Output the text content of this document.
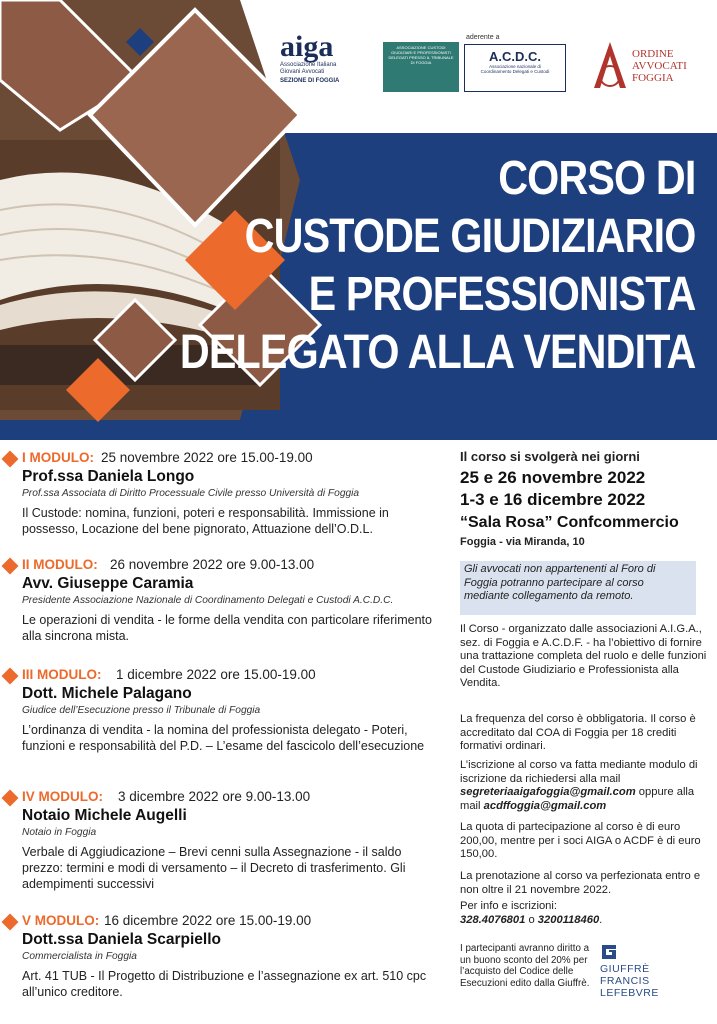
CORSO DI
CUSTODE GIUDIZIARIO
E PROFESSIONISTA
DELEGATO ALLA VENDITA
aiga
Associazione Italiana
Giovani Avvocati
SEZIONE DI FOGGIA
ASSOCIAZIONE CUSTODI GIUDIZIARI E PROFESSIONISTI DELEGATI PRESSO IL TRIBUNALE DI FOGGIA
aderente a
A.C.D.C.
Associazione nazionale di
Coordinamento Delegati e Custodi
ORDINE
AVVOCATI
FOGGIA
I MODULO: 25 novembre 2022 ore 15.00-19.00
Prof.ssa Daniela Longo
Prof.ssa Associata di Diritto Processuale Civile presso Università di Foggia
Il Custode: nomina, funzioni, poteri e responsabilità. Immissione in possesso, Locazione del bene pignorato, Attuazione dell’O.D.L.
II MODULO: 26 novembre 2022 ore 9.00-13.00
Avv. Giuseppe Caramia
Presidente Associazione Nazionale di Coordinamento Delegati e Custodi A.C.D.C.
Le operazioni di vendita - le forme della vendita con particolare riferimento alla sincrona mista.
III MODULO: 1 dicembre 2022 ore 15.00-19.00
Dott. Michele Palagano
Giudice dell’Esecuzione presso il Tribunale di Foggia
L’ordinanza di vendita - la nomina del professionista delegato - Poteri, funzioni e responsabilità del P.D. – L’esame del fascicolo dell’esecuzione
IV MODULO: 3 dicembre 2022 ore 9.00-13.00
Notaio Michele Augelli
Notaio in Foggia
Verbale di Aggiudicazione – Brevi cenni sulla Assegnazione - il saldo prezzo: termini e modi di versamento – il Decreto di trasferimento. Gli adempimenti successivi
V MODULO: 16 dicembre 2022 ore 15.00-19.00
Dott.ssa Daniela Scarpiello
Commercialista in Foggia
Art. 41 TUB - Il Progetto di Distribuzione e l’assegnazione ex art. 510 cpc all’unico creditore.
Il corso si svolgerà nei giorni
25 e 26 novembre 2022
1-3 e 16 dicembre 2022
“Sala Rosa” Confcommercio
Foggia - via Miranda, 10
Gli avvocati non appartenenti al Foro di Foggia potranno partecipare al corso mediante collegamento da remoto.
Il Corso - organizzato dalle associazioni A.I.G.A., sez. di Foggia e A.C.D.F. - ha l’obiettivo di fornire una trattazione completa del ruolo e delle funzioni del Custode Giudiziario e Professionista alla Vendita.
La frequenza del corso è obbligatoria. Il corso è accreditato dal COA di Foggia per 18 crediti formativi ordinari.
L’iscrizione al corso va fatta mediante modulo di iscrizione da richiedersi alla mail segreteriaaigafoggia@gmail.com oppure alla mail acdffoggia@gmail.com
La quota di partecipazione al corso è di euro 200,00, mentre per i soci AIGA o ACDF è di euro 150,00.
La prenotazione al corso va perfezionata entro e non oltre il 21 novembre 2022.
Per info e iscrizioni:
328.4076801 o 3200118460.
I partecipanti avranno diritto a un buono sconto del 20% per l’acquisto del Codice delle Esecuzioni edito dalla Giuffrè.
GIUFFRÈ
FRANCIS
LEFEBVRE
